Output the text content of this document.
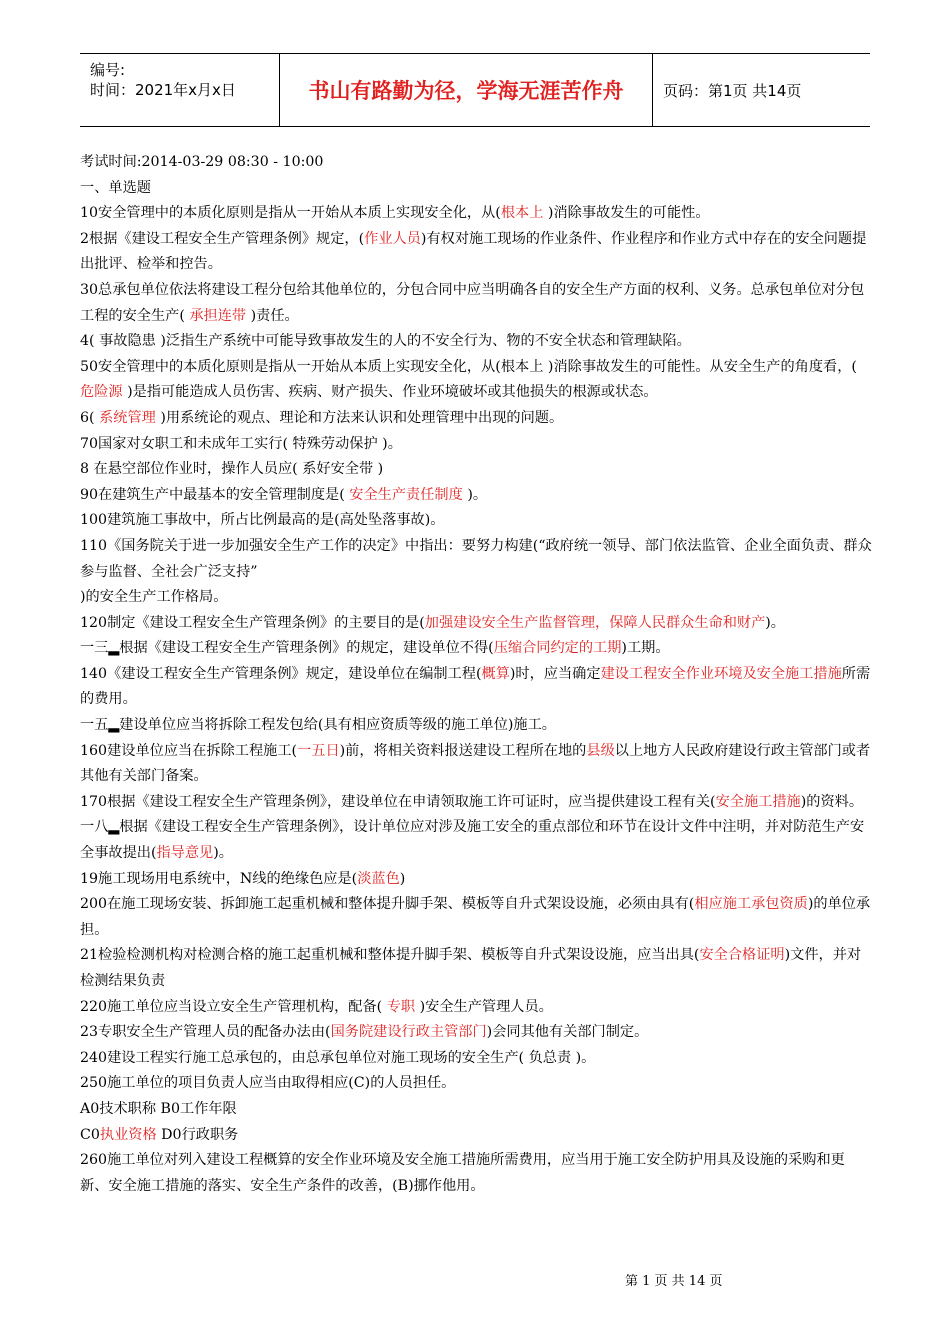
编号:
时间：2021年x月x日	书山有路勤为径，学海无涯苦作舟	页码：第1页 共14页

考试时间:2014-03-29 08:30 - 10:00

一、单选题

10安全管理中的本质化原则是指从一开始从本质上实现安全化，从(根本上 )消除事故发生的可能性。

2根据《建设工程安全生产管理条例》规定，(作业人员)有权对施工现场的作业条件、作业程序和作业方式中存在的安全问题提出批评、检举和控告。

30总承包单位依法将建设工程分包给其他单位的，分包合同中应当明确各自的安全生产方面的权利、义务。总承包单位对分包工程的安全生产( 承担连带 )责任。

4( 事故隐患 )泛指生产系统中可能导致事故发生的人的不安全行为、物的不安全状态和管理缺陷。

50安全管理中的本质化原则是指从一开始从本质上实现安全化，从(根本上 )消除事故发生的可能性。从安全生产的角度看，( 危险源 )是指可能造成人员伤害、疾病、财产损失、作业环境破坏或其他损失的根源或状态。

6( 系统管理 )用系统论的观点、理论和方法来认识和处理管理中出现的问题。

70国家对女职工和未成年工实行( 特殊劳动保护 )。

8 在悬空部位作业时，操作人员应( 系好安全带 )

90在建筑生产中最基本的安全管理制度是( 安全生产责任制度 )。

100建筑施工事故中，所占比例最高的是(高处坠落事故)。

110《国务院关于进一步加强安全生产工作的决定》中指出：要努力构建(“政府统一领导、部门依法监管、企业全面负责、群众参与监督、全社会广泛支持”

)的安全生产工作格局。

120制定《建设工程安全生产管理条例》的主要目的是(加强建设安全生产监督管理，保障人民群众生命和财产)。

一三▂根据《建设工程安全生产管理条例》的规定，建设单位不得(压缩合同约定的工期)工期。

140《建设工程安全生产管理条例》规定，建设单位在编制工程(概算)时，应当确定建设工程安全作业环境及安全施工措施所需的费用。

一五▂建设单位应当将拆除工程发包给(具有相应资质等级的施工单位)施工。

160建设单位应当在拆除工程施工(一五日)前，将相关资料报送建设工程所在地的县级以上地方人民政府建设行政主管部门或者其他有关部门备案。

170根据《建设工程安全生产管理条例》，建设单位在申请领取施工许可证时，应当提供建设工程有关(安全施工措施)的资料。

一八▂根据《建设工程安全生产管理条例》，设计单位应对涉及施工安全的重点部位和环节在设计文件中注明，并对防范生产安全事故提出(指导意见)。

19施工现场用电系统中，N线的绝缘色应是(淡蓝色)

200在施工现场安装、拆卸施工起重机械和整体提升脚手架、模板等自升式架设设施，必须由具有(相应施工承包资质)的单位承担。

21检验检测机构对检测合格的施工起重机械和整体提升脚手架、模板等自升式架设设施，应当出具(安全合格证明)文件，并对检测结果负责

220施工单位应当设立安全生产管理机构，配备( 专职 )安全生产管理人员。

23专职安全生产管理人员的配备办法由(国务院建设行政主管部门)会同其他有关部门制定。

240建设工程实行施工总承包的，由总承包单位对施工现场的安全生产( 负总责 )。

250施工单位的项目负责人应当由取得相应(C)的人员担任。

A0技术职称 B0工作年限

C0执业资格 D0行政职务

260施工单位对列入建设工程概算的安全作业环境及安全施工措施所需费用，应当用于施工安全防护用具及设施的采购和更新、安全施工措施的落实、安全生产条件的改善，(B)挪作他用。

第 1 页 共 14 页
